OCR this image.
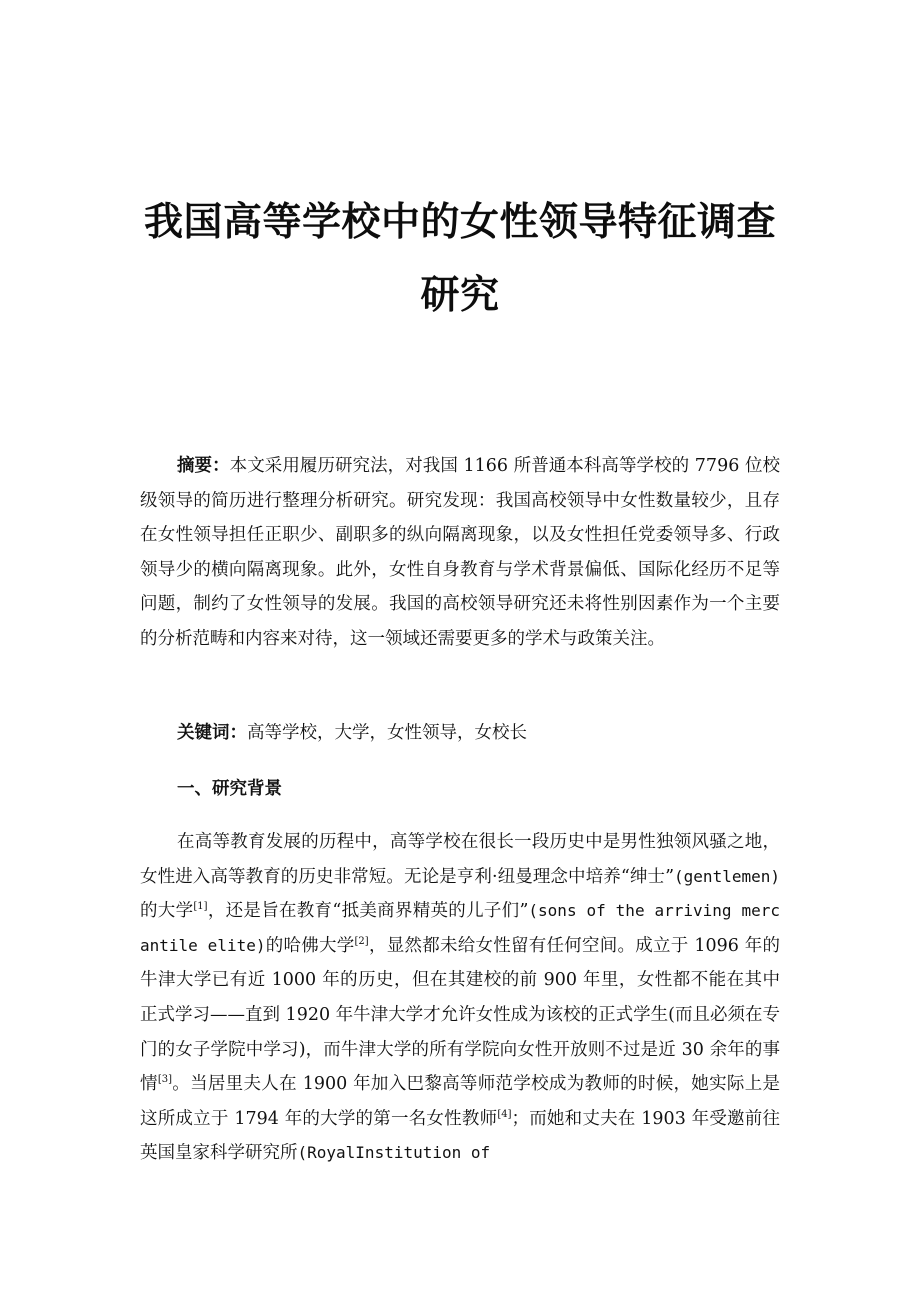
我国高等学校中的女性领导特征调查研究
摘要：本文采用履历研究法，对我国 1166 所普通本科高等学校的 7796 位校级领导的简历进行整理分析研究。研究发现：我国高校领导中女性数量较少，且存在女性领导担任正职少、副职多的纵向隔离现象，以及女性担任党委领导多、行政领导少的横向隔离现象。此外，女性自身教育与学术背景偏低、国际化经历不足等问题，制约了女性领导的发展。我国的高校领导研究还未将性别因素作为一个主要的分析范畴和内容来对待，这一领域还需要更多的学术与政策关注。
关键词：高等学校，大学，女性领导，女校长
一、研究背景
在高等教育发展的历程中，高等学校在很长一段历史中是男性独领风骚之地，女性进入高等教育的历史非常短。无论是亨利·纽曼理念中培养“绅士”(gentlemen)的大学[1]，还是旨在教育“抵美商界精英的儿子们”(sons of the arriving mercantile elite)的哈佛大学[2]，显然都未给女性留有任何空间。成立于 1096 年的牛津大学已有近 1000 年的历史，但在其建校的前 900 年里，女性都不能在其中正式学习——直到 1920 年牛津大学才允许女性成为该校的正式学生(而且必须在专门的女子学院中学习)，而牛津大学的所有学院向女性开放则不过是近 30 余年的事情[3]。当居里夫人在 1900 年加入巴黎高等师范学校成为教师的时候，她实际上是这所成立于 1794 年的大学的第一名女性教师[4]；而她和丈夫在 1903 年受邀前往英国皇家科学研究所(RoyalInstitution of
